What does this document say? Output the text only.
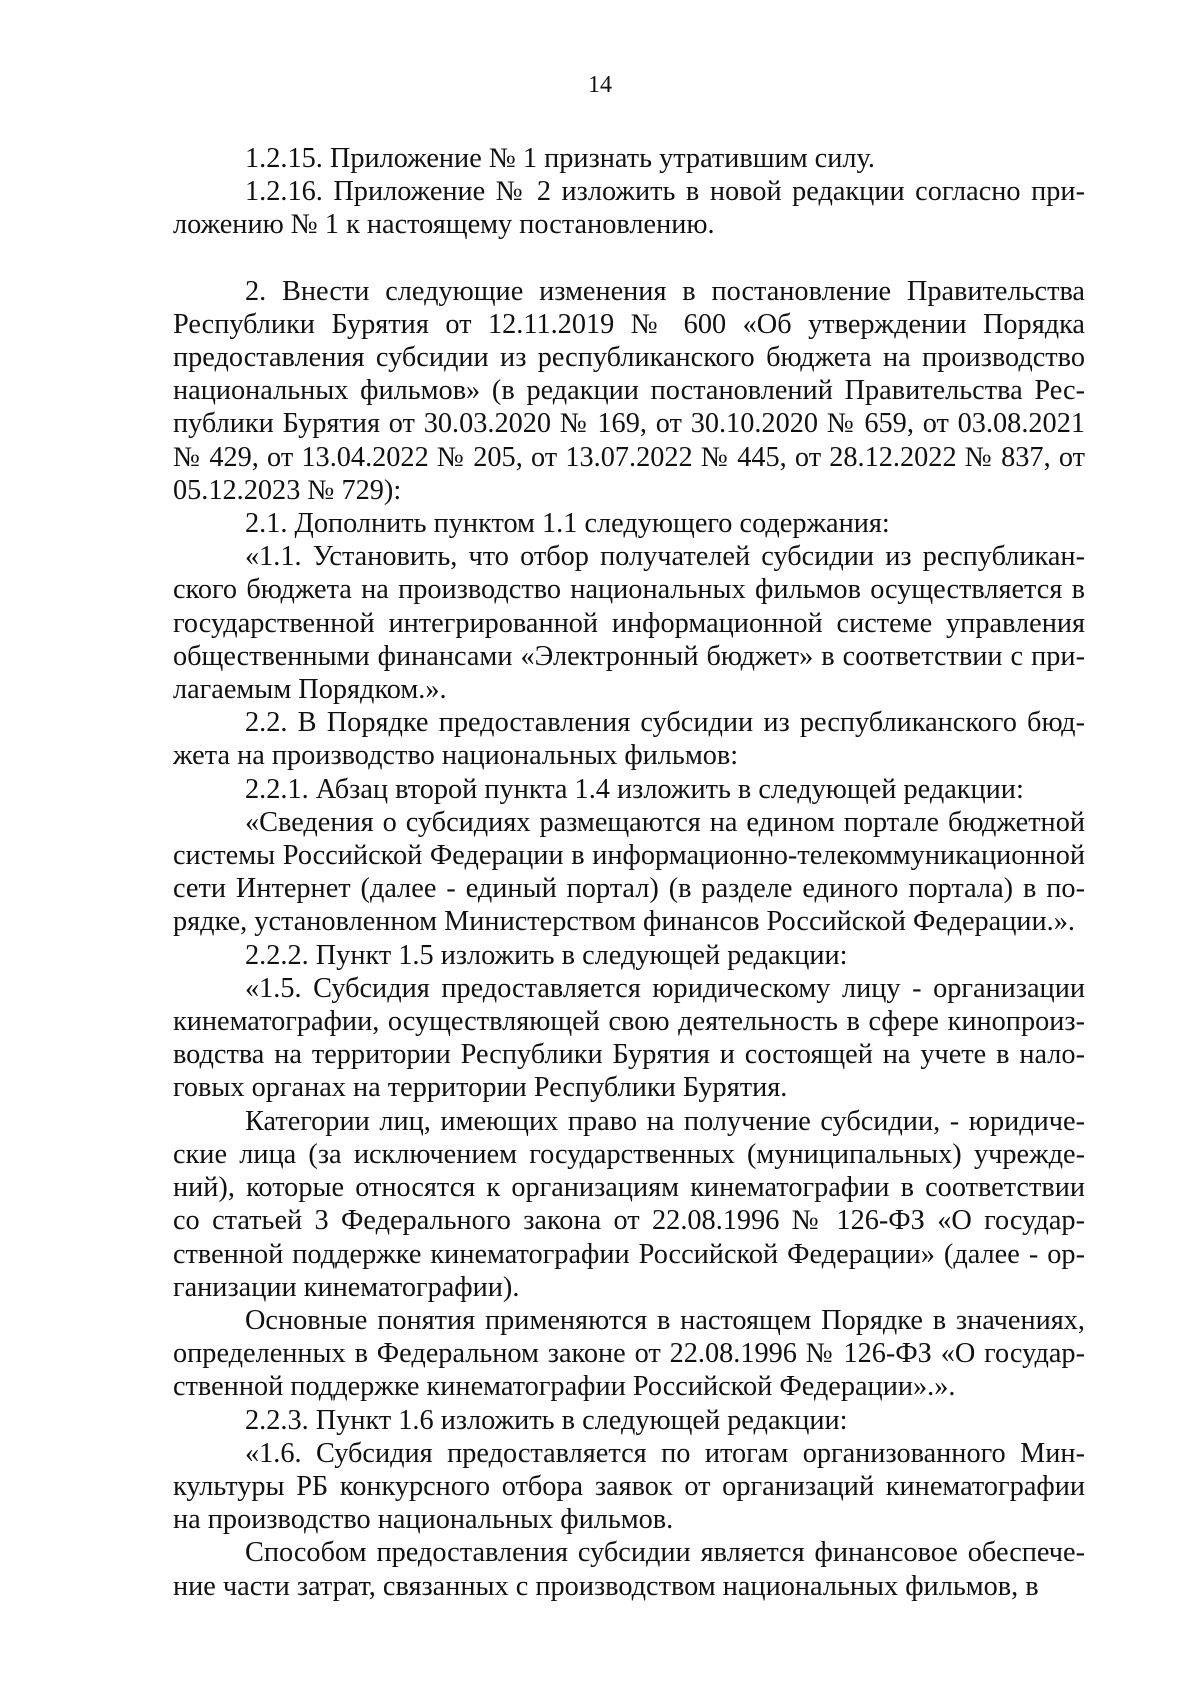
14

1.2.15. Приложение № 1 признать утратившим силу.

1.2.16. Приложение № 2 изложить в новой редакции согласно приложению № 1 к настоящему постановлению.

2. Внести следующие изменения в постановление Правительства Республики Бурятия от 12.11.2019 № 600 «Об утверждении Порядка предоставления субсидии из республиканского бюджета на производство национальных фильмов» (в редакции постановлений Правительства Республики Бурятия от 30.03.2020 № 169, от 30.10.2020 № 659, от 03.08.2021 № 429, от 13.04.2022 № 205, от 13.07.2022 № 445, от 28.12.2022 № 837, от 05.12.2023 № 729):

2.1. Дополнить пунктом 1.1 следующего содержания:

«1.1. Установить, что отбор получателей субсидии из республиканского бюджета на производство национальных фильмов осуществляется в государственной интегрированной информационной системе управления общественными финансами «Электронный бюджет» в соответствии с прилагаемым Порядком.».

2.2. В Порядке предоставления субсидии из республиканского бюджета на производство национальных фильмов:

2.2.1. Абзац второй пункта 1.4 изложить в следующей редакции:

«Сведения о субсидиях размещаются на едином портале бюджетной системы Российской Федерации в информационно-телекоммуникационной сети Интернет (далее - единый портал) (в разделе единого портала) в порядке, установленном Министерством финансов Российской Федерации.».

2.2.2. Пункт 1.5 изложить в следующей редакции:

«1.5. Субсидия предоставляется юридическому лицу - организации кинематографии, осуществляющей свою деятельность в сфере кинопроизводства на территории Республики Бурятия и состоящей на учете в налоговых органах на территории Республики Бурятия.

Категории лиц, имеющих право на получение субсидии, - юридические лица (за исключением государственных (муниципальных) учреждений), которые относятся к организациям кинематографии в соответствии со статьей 3 Федерального закона от 22.08.1996 № 126-ФЗ «О государственной поддержке кинематографии Российской Федерации» (далее - организации кинематографии).

Основные понятия применяются в настоящем Порядке в значениях, определенных в Федеральном законе от 22.08.1996 № 126-ФЗ «О государственной поддержке кинематографии Российской Федерации».».

2.2.3. Пункт 1.6 изложить в следующей редакции:

«1.6. Субсидия предоставляется по итогам организованного Минкультуры РБ конкурсного отбора заявок от организаций кинематографии на производство национальных фильмов.

Способом предоставления субсидии является финансовое обеспечение части затрат, связанных с производством национальных фильмов, в
